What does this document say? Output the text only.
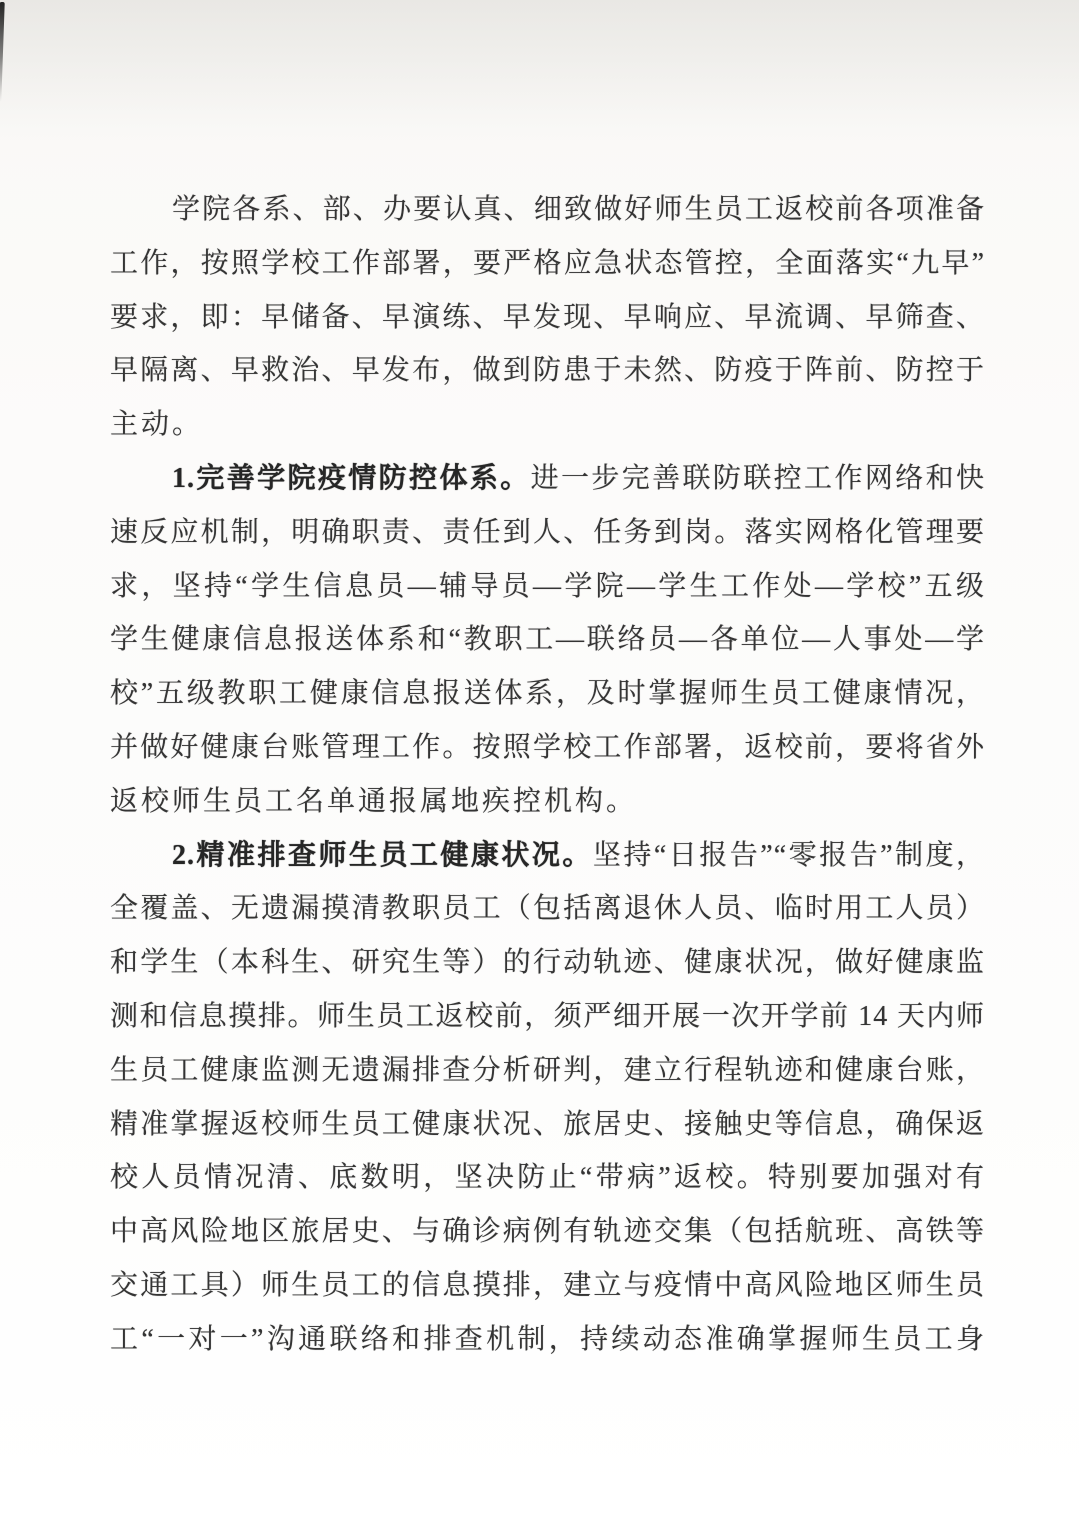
学院各系、部、办要认真、细致做好师生员工返校前各项准备
工作，按照学校工作部署，要严格应急状态管控，全面落实“九早”
要求，即：早储备、早演练、早发现、早响应、早流调、早筛查、
早隔离、早救治、早发布，做到防患于未然、防疫于阵前、防控于
主动。
1.完善学院疫情防控体系。进一步完善联防联控工作网络和快
速反应机制，明确职责、责任到人、任务到岗。落实网格化管理要
求，坚持“学生信息员—辅导员—学院—学生工作处—学校”五级
学生健康信息报送体系和“教职工—联络员—各单位—人事处—学
校”五级教职工健康信息报送体系，及时掌握师生员工健康情况，
并做好健康台账管理工作。按照学校工作部署，返校前，要将省外
返校师生员工名单通报属地疾控机构。
2.精准排查师生员工健康状况。坚持“日报告”“零报告”制度，
全覆盖、无遗漏摸清教职员工（包括离退休人员、临时用工人员）
和学生（本科生、研究生等）的行动轨迹、健康状况，做好健康监
测和信息摸排。师生员工返校前，须严细开展一次开学前 14 天内师
生员工健康监测无遗漏排查分析研判，建立行程轨迹和健康台账，
精准掌握返校师生员工健康状况、旅居史、接触史等信息，确保返
校人员情况清、底数明，坚决防止“带病”返校。特别要加强对有
中高风险地区旅居史、与确诊病例有轨迹交集（包括航班、高铁等
交通工具）师生员工的信息摸排，建立与疫情中高风险地区师生员
工“一对一”沟通联络和排查机制，持续动态准确掌握师生员工身
